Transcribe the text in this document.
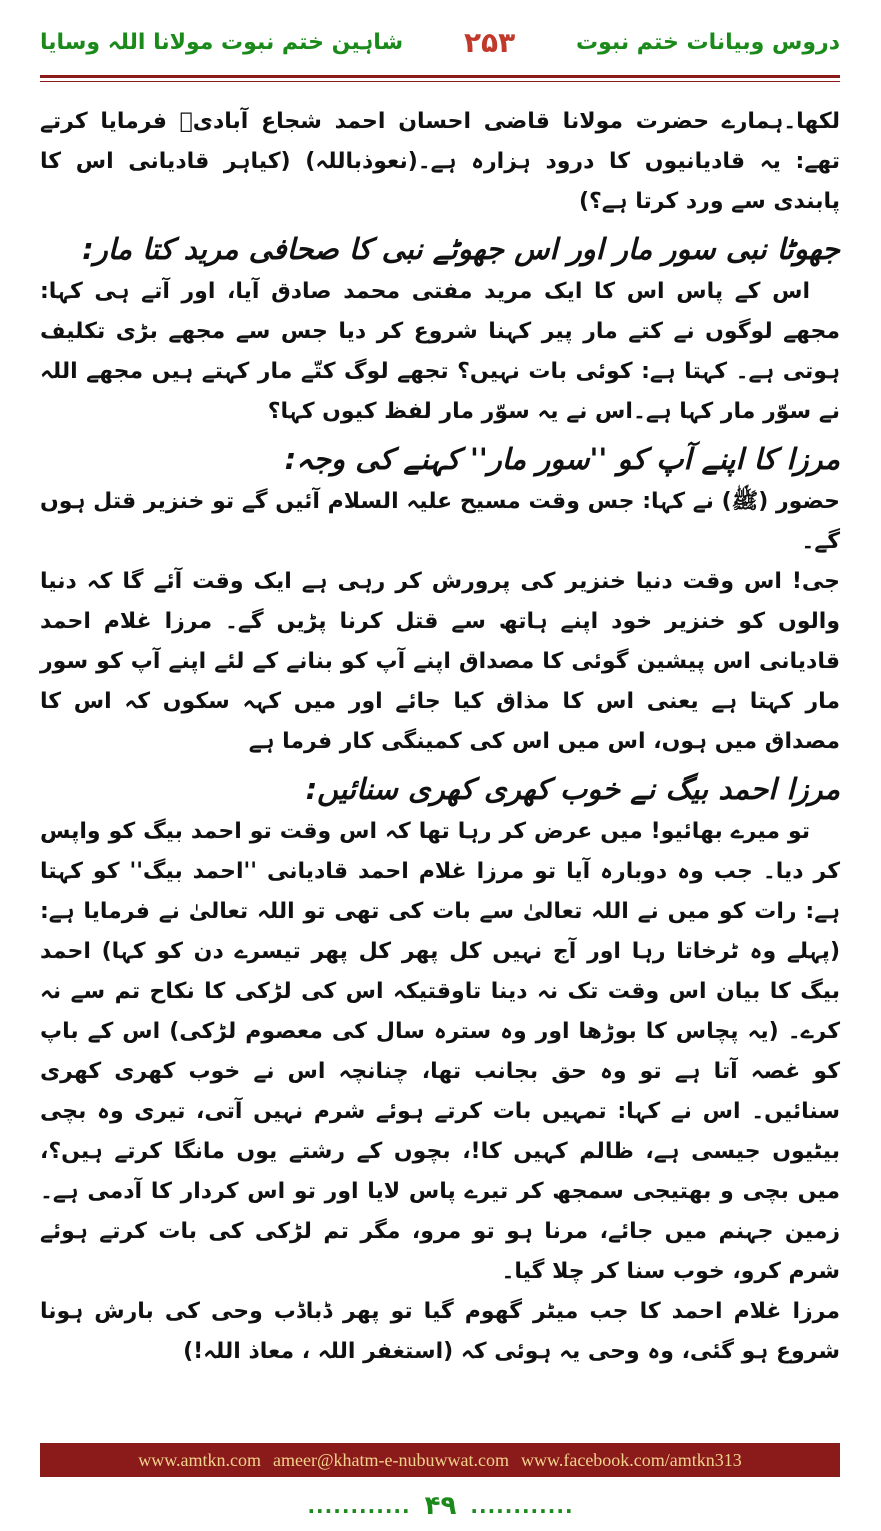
شاہین ختم نبوت مولانا اللہ وسایا ۲۵۳	دروس وبیانات ختم نبوت

لکھا۔ہمارے حضرت مولانا قاضی احسان احمد شجاع آبادیؒ فرمایا کرتے تھے: یہ قادیانیوں کا درود ہزارہ ہے۔(نعوذباللہ) (کیاہر قادیانی اس کا پابندی سے ورد کرتا ہے؟)

جھوٹا نبی سور مار اور اس جھوٹے نبی کا صحافی مرید کتا مار:

اس کے پاس اس کا ایک مرید مفتی محمد صادق آیا، اور آتے ہی کہا: مجھے لوگوں نے کتے مار پیر کہنا شروع کر دیا جس سے مجھے بڑی تکلیف ہوتی ہے۔ کہتا ہے: کوئی بات نہیں؟ تجھے لوگ کتّے مار کہتے ہیں مجھے اللہ نے سوّر مار کہا ہے۔اس نے یہ سوّر مار لفظ کیوں کہا؟

مرزا کا اپنے آپ کو ''سور مار'' کہنے کی وجہ:

حضور (ﷺ) نے کہا: جس وقت مسیح علیہ السلام آئیں گے تو خنزیر قتل ہوں گے۔

جی! اس وقت دنیا خنزیر کی پرورش کر رہی ہے ایک وقت آئے گا کہ دنیا والوں کو خنزیر خود اپنے ہاتھ سے قتل کرنا پڑیں گے۔ مرزا غلام احمد قادیانی اس پیشین گوئی کا مصداق اپنے آپ کو بنانے کے لئے اپنے آپ کو سور مار کہتا ہے یعنی اس کا مذاق کیا جائے اور میں کہہ سکوں کہ اس کا مصداق میں ہوں، اس میں اس کی کمینگی کار فرما ہے

مرزا احمد بیگ نے خوب کھری کھری سنائیں:

تو میرے بھائیو! میں عرض کر رہا تھا کہ اس وقت تو احمد بیگ کو واپس کر دیا۔ جب وہ دوبارہ آیا تو مرزا غلام احمد قادیانی ''احمد بیگ'' کو کہتا ہے: رات کو میں نے اللہ تعالیٰ سے بات کی تھی تو اللہ تعالیٰ نے فرمایا ہے: (پہلے وہ ٹرخاتا رہا اور آج نہیں کل پھر کل پھر تیسرے دن کو کہا) احمد بیگ کا بیان اس وقت تک نہ دینا تاوقتیکہ اس کی لڑکی کا نکاح تم سے نہ کرے۔ (یہ پچاس کا بوڑھا اور وہ سترہ سال کی معصوم لڑکی) اس کے باپ کو غصہ آتا ہے تو وہ حق بجانب تھا، چنانچہ اس نے خوب کھری کھری سنائیں۔ اس نے کہا: تمہیں بات کرتے ہوئے شرم نہیں آتی، تیری وہ بچی بیٹیوں جیسی ہے، ظالم کہیں کا!، بچوں کے رشتے یوں مانگا کرتے ہیں؟، میں بچی و بھتیجی سمجھ کر تیرے پاس لایا اور تو اس کردار کا آدمی ہے۔ زمین جہنم میں جائے، مرنا ہو تو مرو، مگر تم لڑکی کی بات کرتے ہوئے شرم کرو، خوب سنا کر چلا گیا۔

مرزا غلام احمد کا جب میٹر گھوم گیا تو پھر ڈباڈب وحی کی بارش ہونا شروع ہو گئی، وہ وحی یہ ہوئی کہ (استغفر اللہ ، معاذ اللہ!)

www.amtkn.com ameer@khatm-e-nubuwwat.com www.facebook.com/amtkn313
............ ۴۹ ............
